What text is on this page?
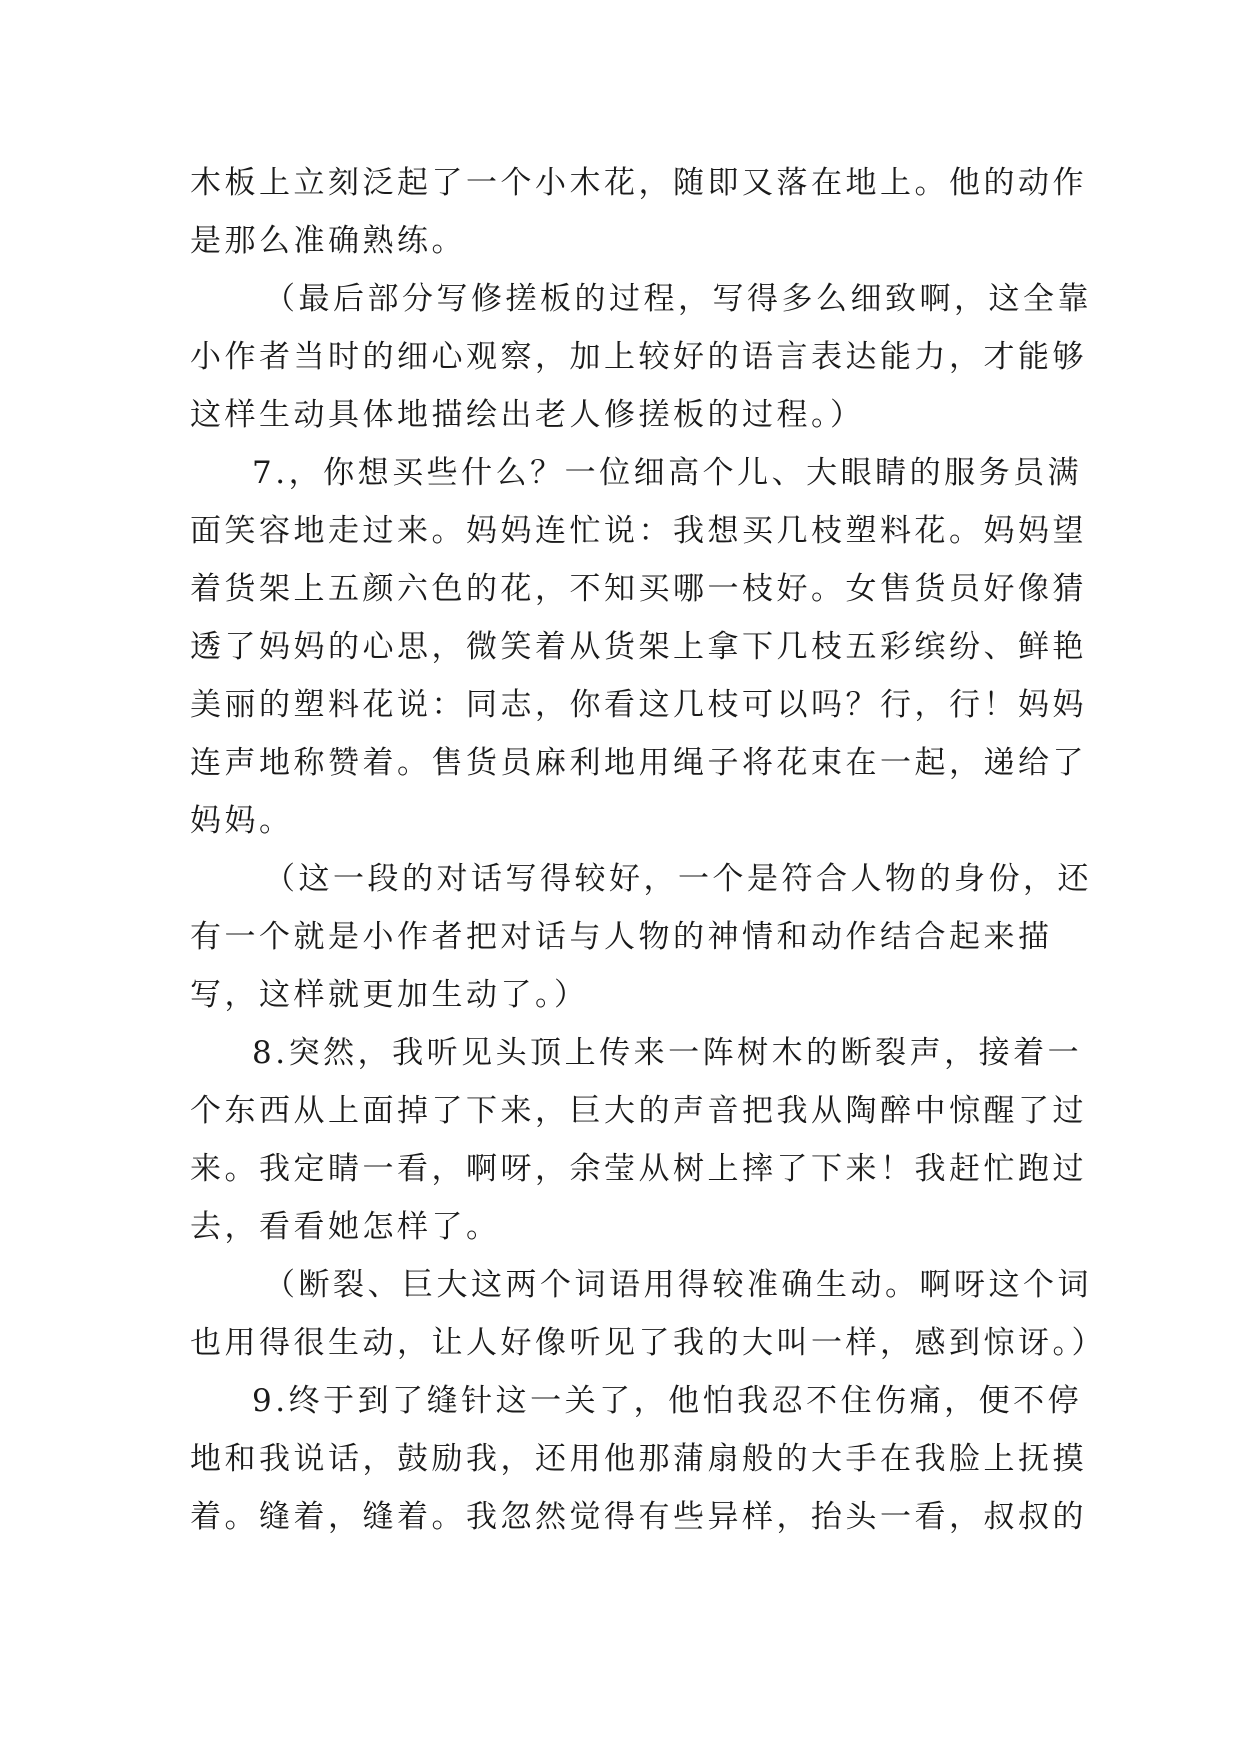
木板上立刻泛起了一个小木花，随即又落在地上。他的动作
是那么准确熟练。
（最后部分写修搓板的过程，写得多么细致啊，这全靠
小作者当时的细心观察，加上较好的语言表达能力，才能够
这样生动具体地描绘出老人修搓板的过程。）
7.，你想买些什么？一位细高个儿、大眼睛的服务员满
面笑容地走过来。妈妈连忙说：我想买几枝塑料花。妈妈望
着货架上五颜六色的花，不知买哪一枝好。女售货员好像猜
透了妈妈的心思，微笑着从货架上拿下几枝五彩缤纷、鲜艳
美丽的塑料花说：同志，你看这几枝可以吗？行，行！妈妈
连声地称赞着。售货员麻利地用绳子将花束在一起，递给了
妈妈。
（这一段的对话写得较好，一个是符合人物的身份，还
有一个就是小作者把对话与人物的神情和动作结合起来描
写，这样就更加生动了。）
8.突然，我听见头顶上传来一阵树木的断裂声，接着一
个东西从上面掉了下来，巨大的声音把我从陶醉中惊醒了过
来。我定睛一看，啊呀，余莹从树上摔了下来！我赶忙跑过
去，看看她怎样了。
（断裂、巨大这两个词语用得较准确生动。啊呀这个词
也用得很生动，让人好像听见了我的大叫一样，感到惊讶。）
9.终于到了缝针这一关了，他怕我忍不住伤痛，便不停
地和我说话，鼓励我，还用他那蒲扇般的大手在我脸上抚摸
着。缝着，缝着。我忽然觉得有些异样，抬头一看，叔叔的
